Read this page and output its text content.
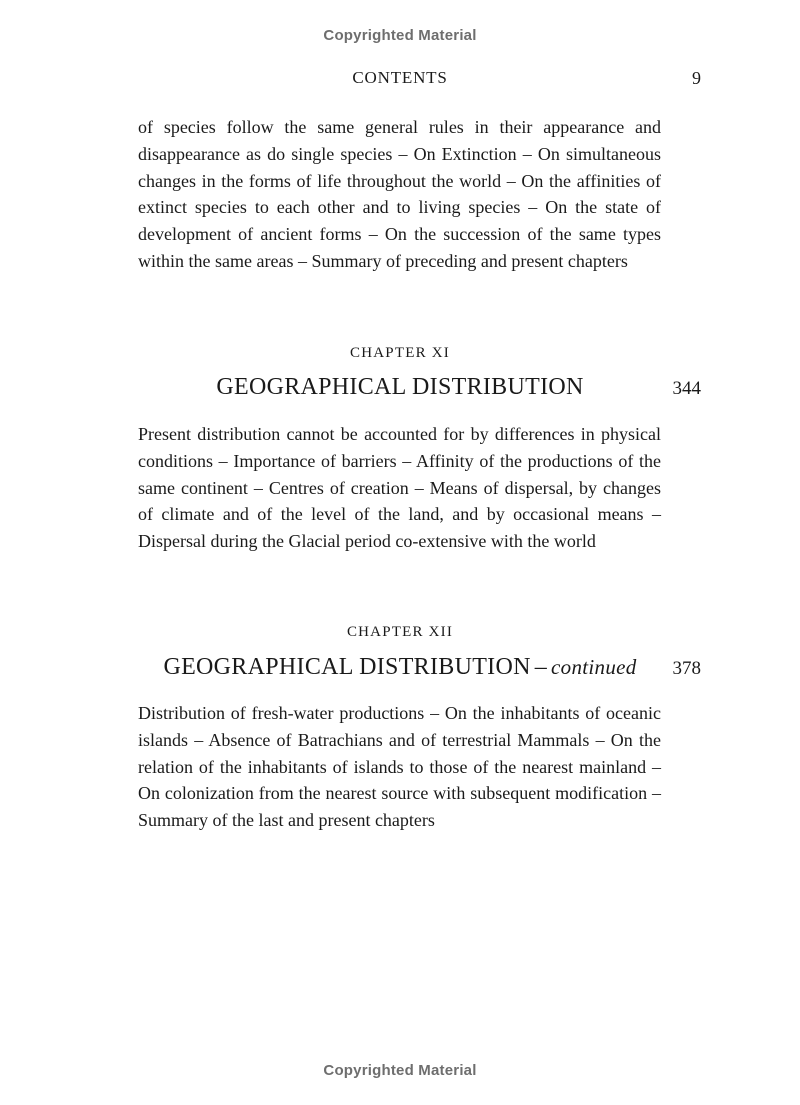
Copyrighted Material
CONTENTS	9

of species follow the same general rules in their appearance and disappearance as do single species – On Extinction – On simultaneous changes in the forms of life throughout the world – On the affinities of extinct species to each other and to living species – On the state of development of ancient forms – On the succession of the same types within the same areas – Summary of preceding and present chapters

CHAPTER XI
GEOGRAPHICAL DISTRIBUTION	344

Present distribution cannot be accounted for by differences in physical conditions – Importance of barriers – Affinity of the productions of the same continent – Centres of creation – Means of dispersal, by changes of climate and of the level of the land, and by occasional means – Dispersal during the Glacial period co-extensive with the world

CHAPTER XII
GEOGRAPHICAL DISTRIBUTION – continued	378

Distribution of fresh-water productions – On the inhabitants of oceanic islands – Absence of Batrachians and of terrestrial Mammals – On the relation of the inhabitants of islands to those of the nearest mainland – On colonization from the nearest source with subsequent modification – Summary of the last and present chapters

Copyrighted Material
